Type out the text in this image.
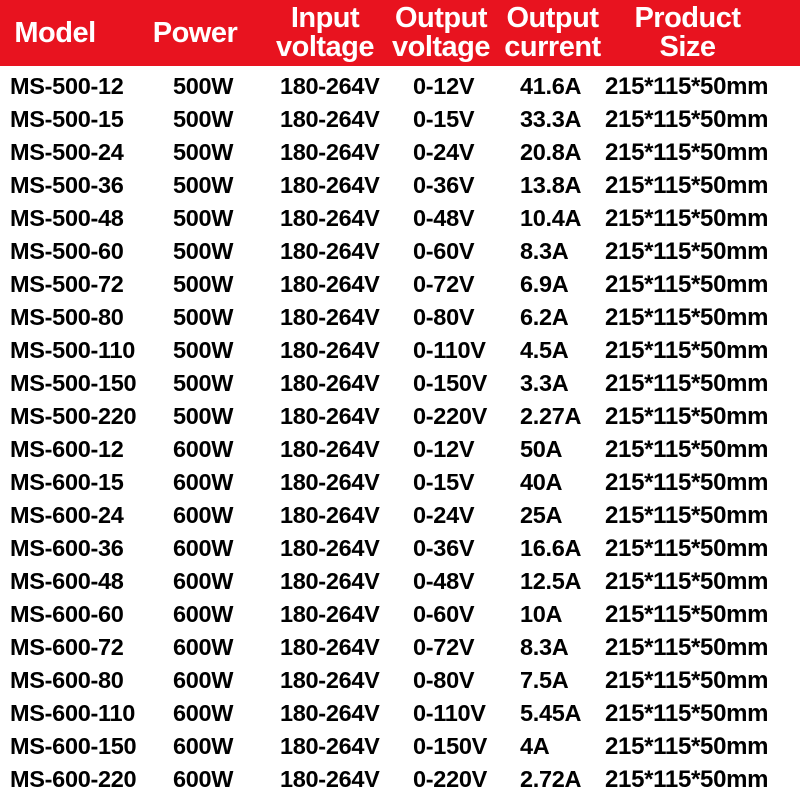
Model Power Input
voltage
Output
voltage
Output
current
Product
Size
MS-500-12 500W 180-264V 0-12V 41.6A 215*115*50mm
MS-500-15 500W 180-264V 0-15V 33.3A 215*115*50mm
MS-500-24 500W 180-264V 0-24V 20.8A 215*115*50mm
MS-500-36 500W 180-264V 0-36V 13.8A 215*115*50mm
MS-500-48 500W 180-264V 0-48V 10.4A 215*115*50mm
MS-500-60 500W 180-264V 0-60V 8.3A 215*115*50mm
MS-500-72 500W 180-264V 0-72V 6.9A 215*115*50mm
MS-500-80 500W 180-264V 0-80V 6.2A 215*115*50mm
MS-500-110 500W 180-264V 0-110V 4.5A 215*115*50mm
MS-500-150 500W 180-264V 0-150V 3.3A 215*115*50mm
MS-500-220 500W 180-264V 0-220V 2.27A 215*115*50mm
MS-600-12 600W 180-264V 0-12V 50A 215*115*50mm
MS-600-15 600W 180-264V 0-15V 40A 215*115*50mm
MS-600-24 600W 180-264V 0-24V 25A 215*115*50mm
MS-600-36 600W 180-264V 0-36V 16.6A 215*115*50mm
MS-600-48 600W 180-264V 0-48V 12.5A 215*115*50mm
MS-600-60 600W 180-264V 0-60V 10A 215*115*50mm
MS-600-72 600W 180-264V 0-72V 8.3A 215*115*50mm
MS-600-80 600W 180-264V 0-80V 7.5A 215*115*50mm
MS-600-110 600W 180-264V 0-110V 5.45A 215*115*50mm
MS-600-150 600W 180-264V 0-150V 4A 215*115*50mm
MS-600-220 600W 180-264V 0-220V 2.72A 215*115*50mm
